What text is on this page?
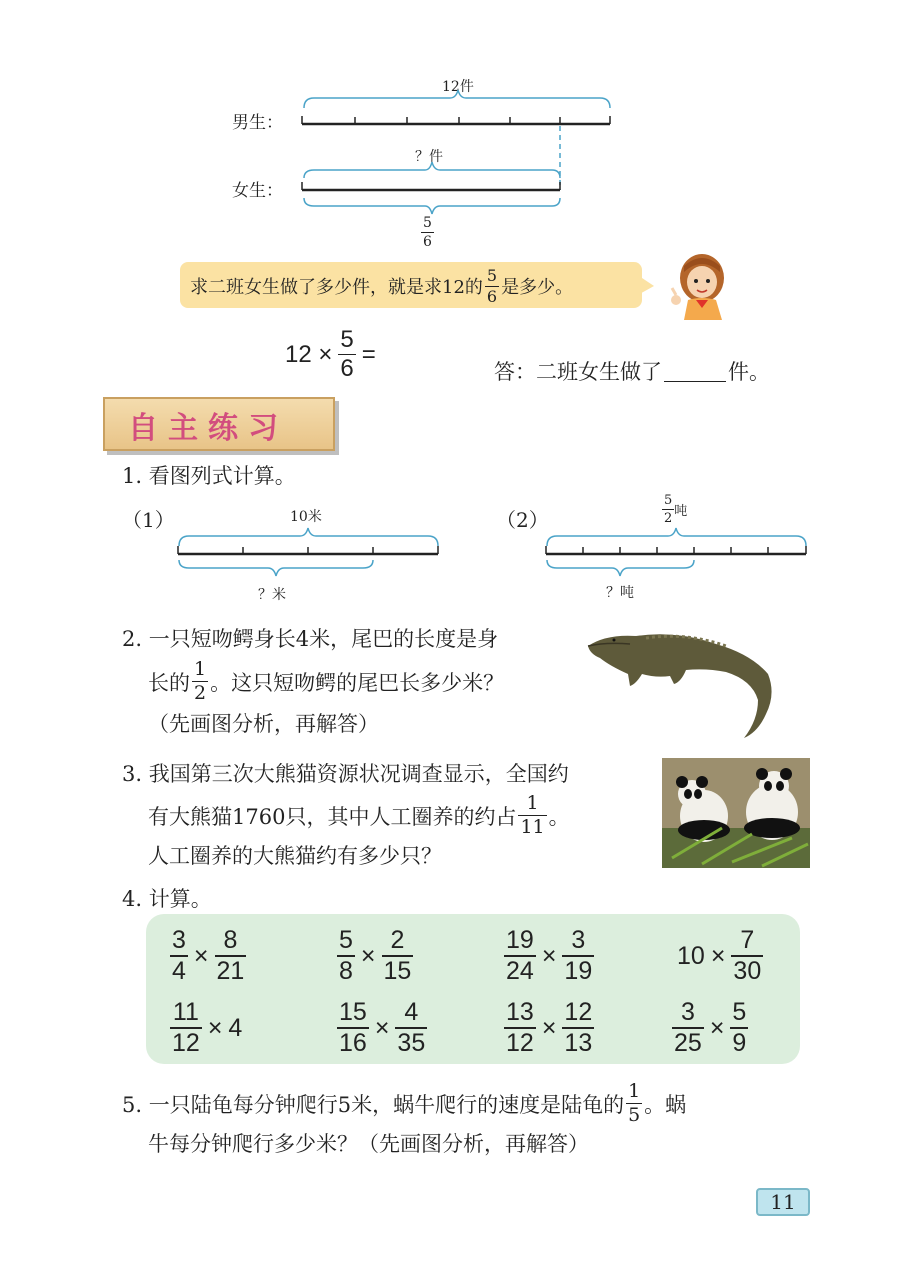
男生：
女生：
12件
？件
$\frac{5}{6}$
求二班女生做了多少件，就是求12的 $\frac{5}{6}$ 是多少。
$12 \times \frac{5}{6}$ =
答：二班女生做了	件。
自主练习
1. 看图列式计算。
（1）	10米
？米
（2）	$\frac{5}{2}$ 吨
？吨
2. 一只短吻鳄身长4米，尾巴的长度是身
长的 $\frac{1}{2}$ 。这只短吻鳄的尾巴长多少米？
（先画图分析，再解答）
3. 我国第三次大熊猫资源状况调查显示，全国约
有大熊猫1760只，其中人工圈养的约占 $\frac{1}{11}$ 。
人工圈养的大熊猫约有多少只？
4. 计算。
$\frac{3}{4} \times \frac{8}{21}$	$\frac{5}{8} \times \frac{2}{15}$	$\frac{19}{24} \times \frac{3}{19}$	$10 \times \frac{7}{30}$
$\frac{11}{12} \times 4$	$\frac{15}{16} \times \frac{4}{35}$	$\frac{13}{12} \times \frac{12}{13}$	$\frac{3}{25} \times \frac{5}{9}$
5. 一只陆龟每分钟爬行5米，蜗牛爬行的速度是陆龟的 $\frac{1}{5}$ 。蜗
牛每分钟爬行多少米？（先画图分析，再解答）
11
